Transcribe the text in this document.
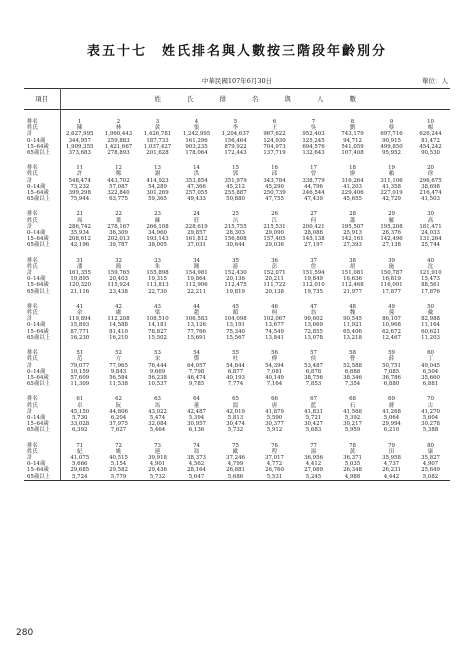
表五十七　姓氏排名與人數按三階段年齡別分
中華民國107年6月30日	單位：人
項目	姓氏排名與人數									

排名	1	2	3	4	5	6	7	8	9	10
姓氏	陳	林	黃	張	李	王	吳	劉	蔡	楊
計	2,627,995	1,960,443	1,426,781	1,242,995	1,204,637	967,622	952,403	743,179	697,716	626,244
0–14歲	344,957	259,883	187,733	161,296	156,464	124,930	125,245	94,712	90,915	81,472
15–64歲	1,909,355	1,421,667	1,037,427	903,235	879,922	704,973	694,576	541,059	499,850	454,242
65歲以上	373,683	278,893	201,628	178,064	172,443	137,719	132,643	107,408	95,952	90,530

排名	11	12	13	14	15	16	17	18	19	20
姓氏	許	鄭	謝	洪	郭	邱	曾	廖	賴	徐
計	548,474	443,702	414,923	353,854	351,979	343,784	338,779	316,264	311,106	296,675
0–14歲	73,232	57,087	54,289	47,366	45,212	45,290	44,796	41,203	41,358	38,698
15–64歲	399,298	322,840	301,269	257,055	255,887	250,739	246,544	229,406	227,019	216,474
65歲以上	75,944	63,775	59,365	49,433	50,880	47,755	47,439	45,655	42,729	41,503

排名	21	22	23	24	25	26	27	28	29	30
姓氏	周	葉	蘇	莊	呂	江	何	蕭	羅	高
計	286,742	278,167	266,108	228,619	215,755	215,531	200,421	195,507	195,208	181,471
0–14歲	35,934	36,309	34,960	29,857	28,303	29,090	28,086	25,913	26,376	24,033
15–64歲	208,612	202,013	193,143	161,812	156,808	157,405	145,138	142,161	142,496	131,264
65歲以上	42,196	39,787	38,005	37,031	30,644	29,036	27,197	27,393	27,138	25,744

排名	31	32	33	34	35	36	37	38	39	40
姓氏	潘	簡	朱	鍾	游	彭	詹	胡	施	沈
計	161,355	159,765	155,898	154,981	152,430	152,071	151,594	151,081	150,787	121,910
0–14歲	19,895	20,403	19,315	19,864	20,136	20,211	19,849	16,636	16,819	15,473
15–64歲	120,320	115,924	113,813	112,906	112,475	111,722	112,010	112,468	116,091	88,561
65歲以上	21,116	23,438	22,730	22,211	19,819	20,138	19,735	21,977	17,877	17,876

排名	41	42	43	44	45	46	47	48	49	50
姓氏	余	盧	梁	趙	顏	柯	翁	魏	孫	戴
計	119,894	112,208	108,510	106,583	104,098	102,067	99,602	90,545	86,107	82,988
0–14歲	15,893	14,588	14,181	13,126	13,191	13,677	13,669	11,921	10,968	11,164
15–64歲	87,771	81,410	78,827	77,766	75,340	74,549	72,855	65,406	62,672	60,621
65歲以上	16,230	16,210	15,502	15,691	15,567	13,841	13,078	13,218	12,467	11,203

排名	51	52	53	54	55	56	57	58	59	60
姓氏	范	方	宋	鄧	杜	傅	侯	曹	薛	丁
計	79,077	77,965	76,444	64,057	54,844	54,394	53,487	52,588	50,751	49,045
0–14歲	10,159	9,843	9,669	7,798	6,877	7,081	6,878	6,888	7,085	6,504
15–64歲	57,609	56,584	56,238	46,474	40,193	40,149	38,756	38,346	36,786	35,660
65歲以上	11,309	11,538	10,537	9,785	7,774	7,164	7,853	7,354	6,880	6,881

排名	61	62	63	64	65	66	67	68	69	70
姓氏	卓	阮	馬	董	溫	唐	藍	石	蔣	古
計	45,150	44,806	43,022	42,487	42,019	41,879	41,831	41,568	41,268	41,270
0–14歲	5,730	6,204	5,474	5,394	5,813	5,590	5,721	5,392	5,064	5,604
15–64歲	33,028	37,975	32,084	30,957	30,474	30,377	30,427	30,217	29,994	30,278
65歲以上	6,392	7,627	5,464	6,136	5,732	5,912	5,683	5,959	6,210	5,388

排名	71	72	73	74	75	76	77	78	79	80
姓氏	紀	姚	連	馮	歐	程	湯	黃	田	康
計	41,075	40,515	39,918	38,373	37,246	37,017	36,956	36,371	35,958	35,827
0–14歲	5,666	5,154	4,901	4,562	4,799	4,772	4,412	5,035	4,737	4,907
15–64歲	29,685	29,582	29,436	28,164	26,881	26,760	27,089	26,348	26,231	25,649
65歲以上	5,724	5,779	5,732	5,647	5,686	5,531	5,245	4,988	4,442	5,082
280
